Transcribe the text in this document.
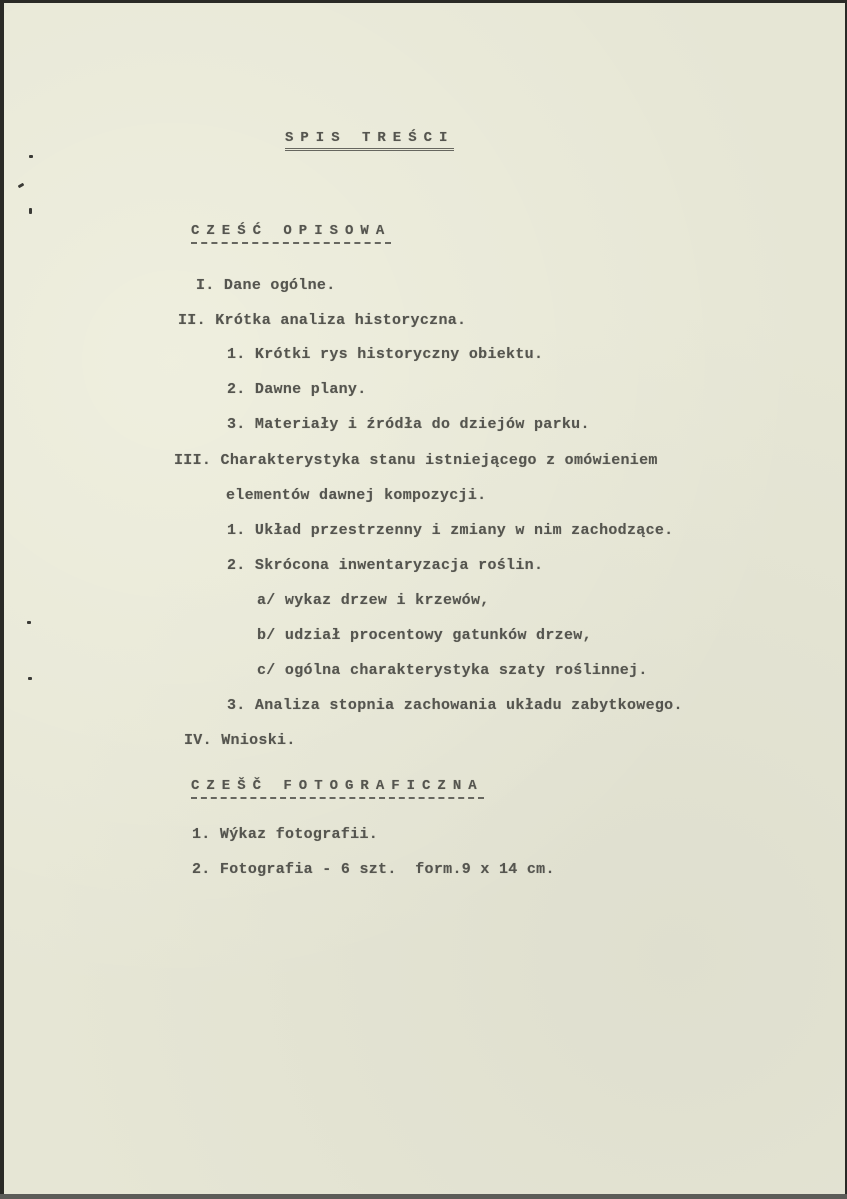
SPIS TREŚCI
CZEŚĆ OPISOWA
I. Dane ogólne.
II. Krótka analiza historyczna.
1. Krótki rys historyczny obiektu.
2. Dawne plany.
3. Materiały i źródła do dziejów parku.
III. Charakterystyka stanu istniejącego z omówieniem
elementów dawnej kompozycji.
1. Układ przestrzenny i zmiany w nim zachodzące.
2. Skrócona inwentaryzacja roślin.
a/ wykaz drzew i krzewów,
b/ udział procentowy gatunków drzew,
c/ ogólna charakterystyka szaty roślinnej.
3. Analiza stopnia zachowania układu zabytkowego.
IV. Wnioski.
CZEŠČ FOTOGRAFICZNA
1. Wýkaz fotografii.
2. Fotografia - 6 szt.  form.9 x 14 cm.
